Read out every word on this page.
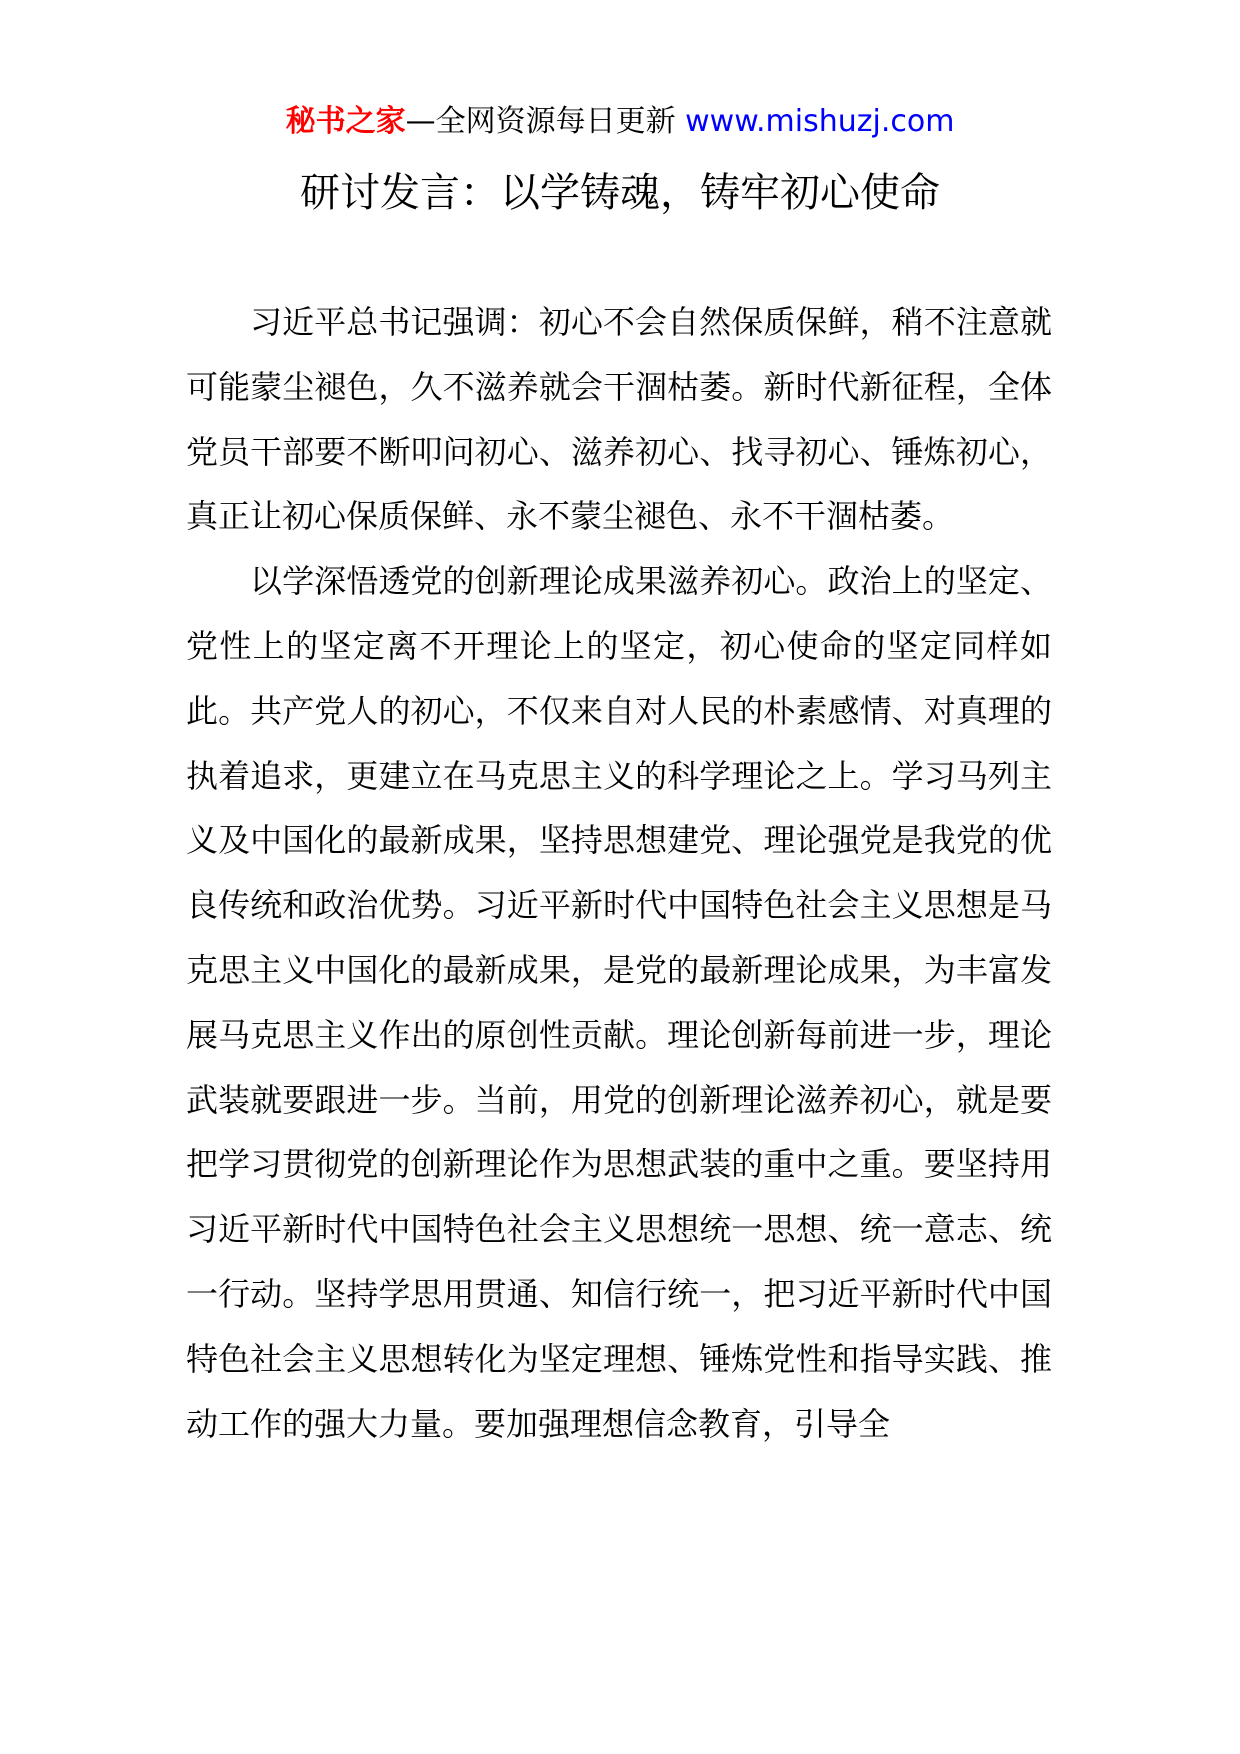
秘书之家—全网资源每日更新 www.mishuzj.com
研讨发言：以学铸魂，铸牢初心使命

习近平总书记强调：初心不会自然保质保鲜，稍不注意就可能蒙尘褪色，久不滋养就会干涸枯萎。新时代新征程，全体党员干部要不断叩问初心、滋养初心、找寻初心、锤炼初心，真正让初心保质保鲜、永不蒙尘褪色、永不干涸枯萎。

以学深悟透党的创新理论成果滋养初心。政治上的坚定、党性上的坚定离不开理论上的坚定，初心使命的坚定同样如此。共产党人的初心，不仅来自对人民的朴素感情、对真理的执着追求，更建立在马克思主义的科学理论之上。学习马列主义及中国化的最新成果，坚持思想建党、理论强党是我党的优良传统和政治优势。习近平新时代中国特色社会主义思想是马克思主义中国化的最新成果，是党的最新理论成果，为丰富发展马克思主义作出的原创性贡献。理论创新每前进一步，理论武装就要跟进一步。当前，用党的创新理论滋养初心，就是要把学习贯彻党的创新理论作为思想武装的重中之重。要坚持用习近平新时代中国特色社会主义思想统一思想、统一意志、统一行动。坚持学思用贯通、知信行统一，把习近平新时代中国特色社会主义思想转化为坚定理想、锤炼党性和指导实践、推动工作的强大力量。要加强理想信念教育，引导全
